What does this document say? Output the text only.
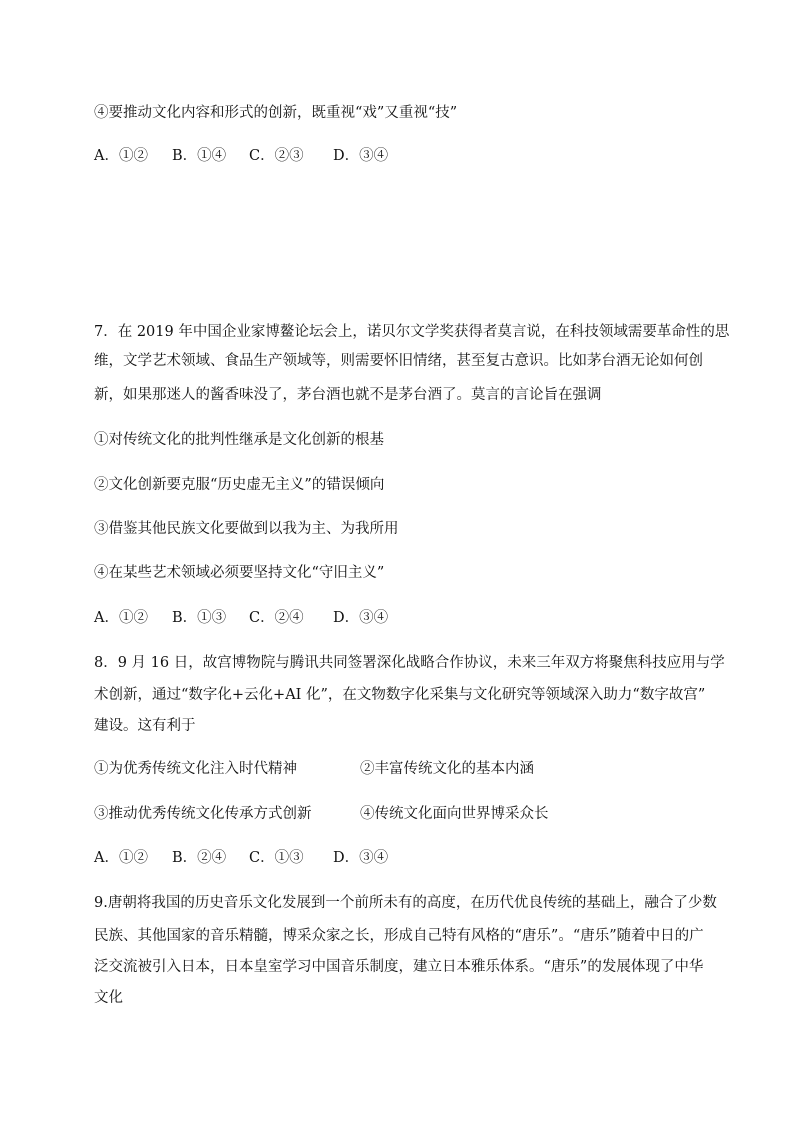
④要推动文化内容和形式的创新，既重视“戏”又重视“技”
A．①② B．①④ C．②③ D．③④
7．在 2019 年中国企业家博鳌论坛会上，诺贝尔文学奖获得者莫言说，在科技领域需要革命性的思
维，文学艺术领域、食品生产领域等，则需要怀旧情绪，甚至复古意识。比如茅台酒无论如何创
新，如果那迷人的酱香味没了，茅台酒也就不是茅台酒了。莫言的言论旨在强调
①对传统文化的批判性继承是文化创新的根基
②文化创新要克服“历史虚无主义”的错误倾向
③借鉴其他民族文化要做到以我为主、为我所用
④在某些艺术领域必须要坚持文化“守旧主义”
A．①② B．①③ C．②④ D．③④
8．9 月 16 日，故宫博物院与腾讯共同签署深化战略合作协议，未来三年双方将聚焦科技应用与学
术创新，通过“数字化+云化+AI 化”，在文物数字化采集与文化研究等领域深入助力“数字故宫”
建设。这有利于
①为优秀传统文化注入时代精神	②丰富传统文化的基本内涵
③推动优秀传统文化传承方式创新	④传统文化面向世界博采众长
A．①② B．②④ C．①③ D．③④
9.唐朝将我国的历史音乐文化发展到一个前所未有的高度，在历代优良传统的基础上，融合了少数
民族、其他国家的音乐精髓，博采众家之长，形成自己特有风格的“唐乐”。“唐乐”随着中日的广
泛交流被引入日本，日本皇室学习中国音乐制度，建立日本雅乐体系。“唐乐”的发展体现了中华
文化
